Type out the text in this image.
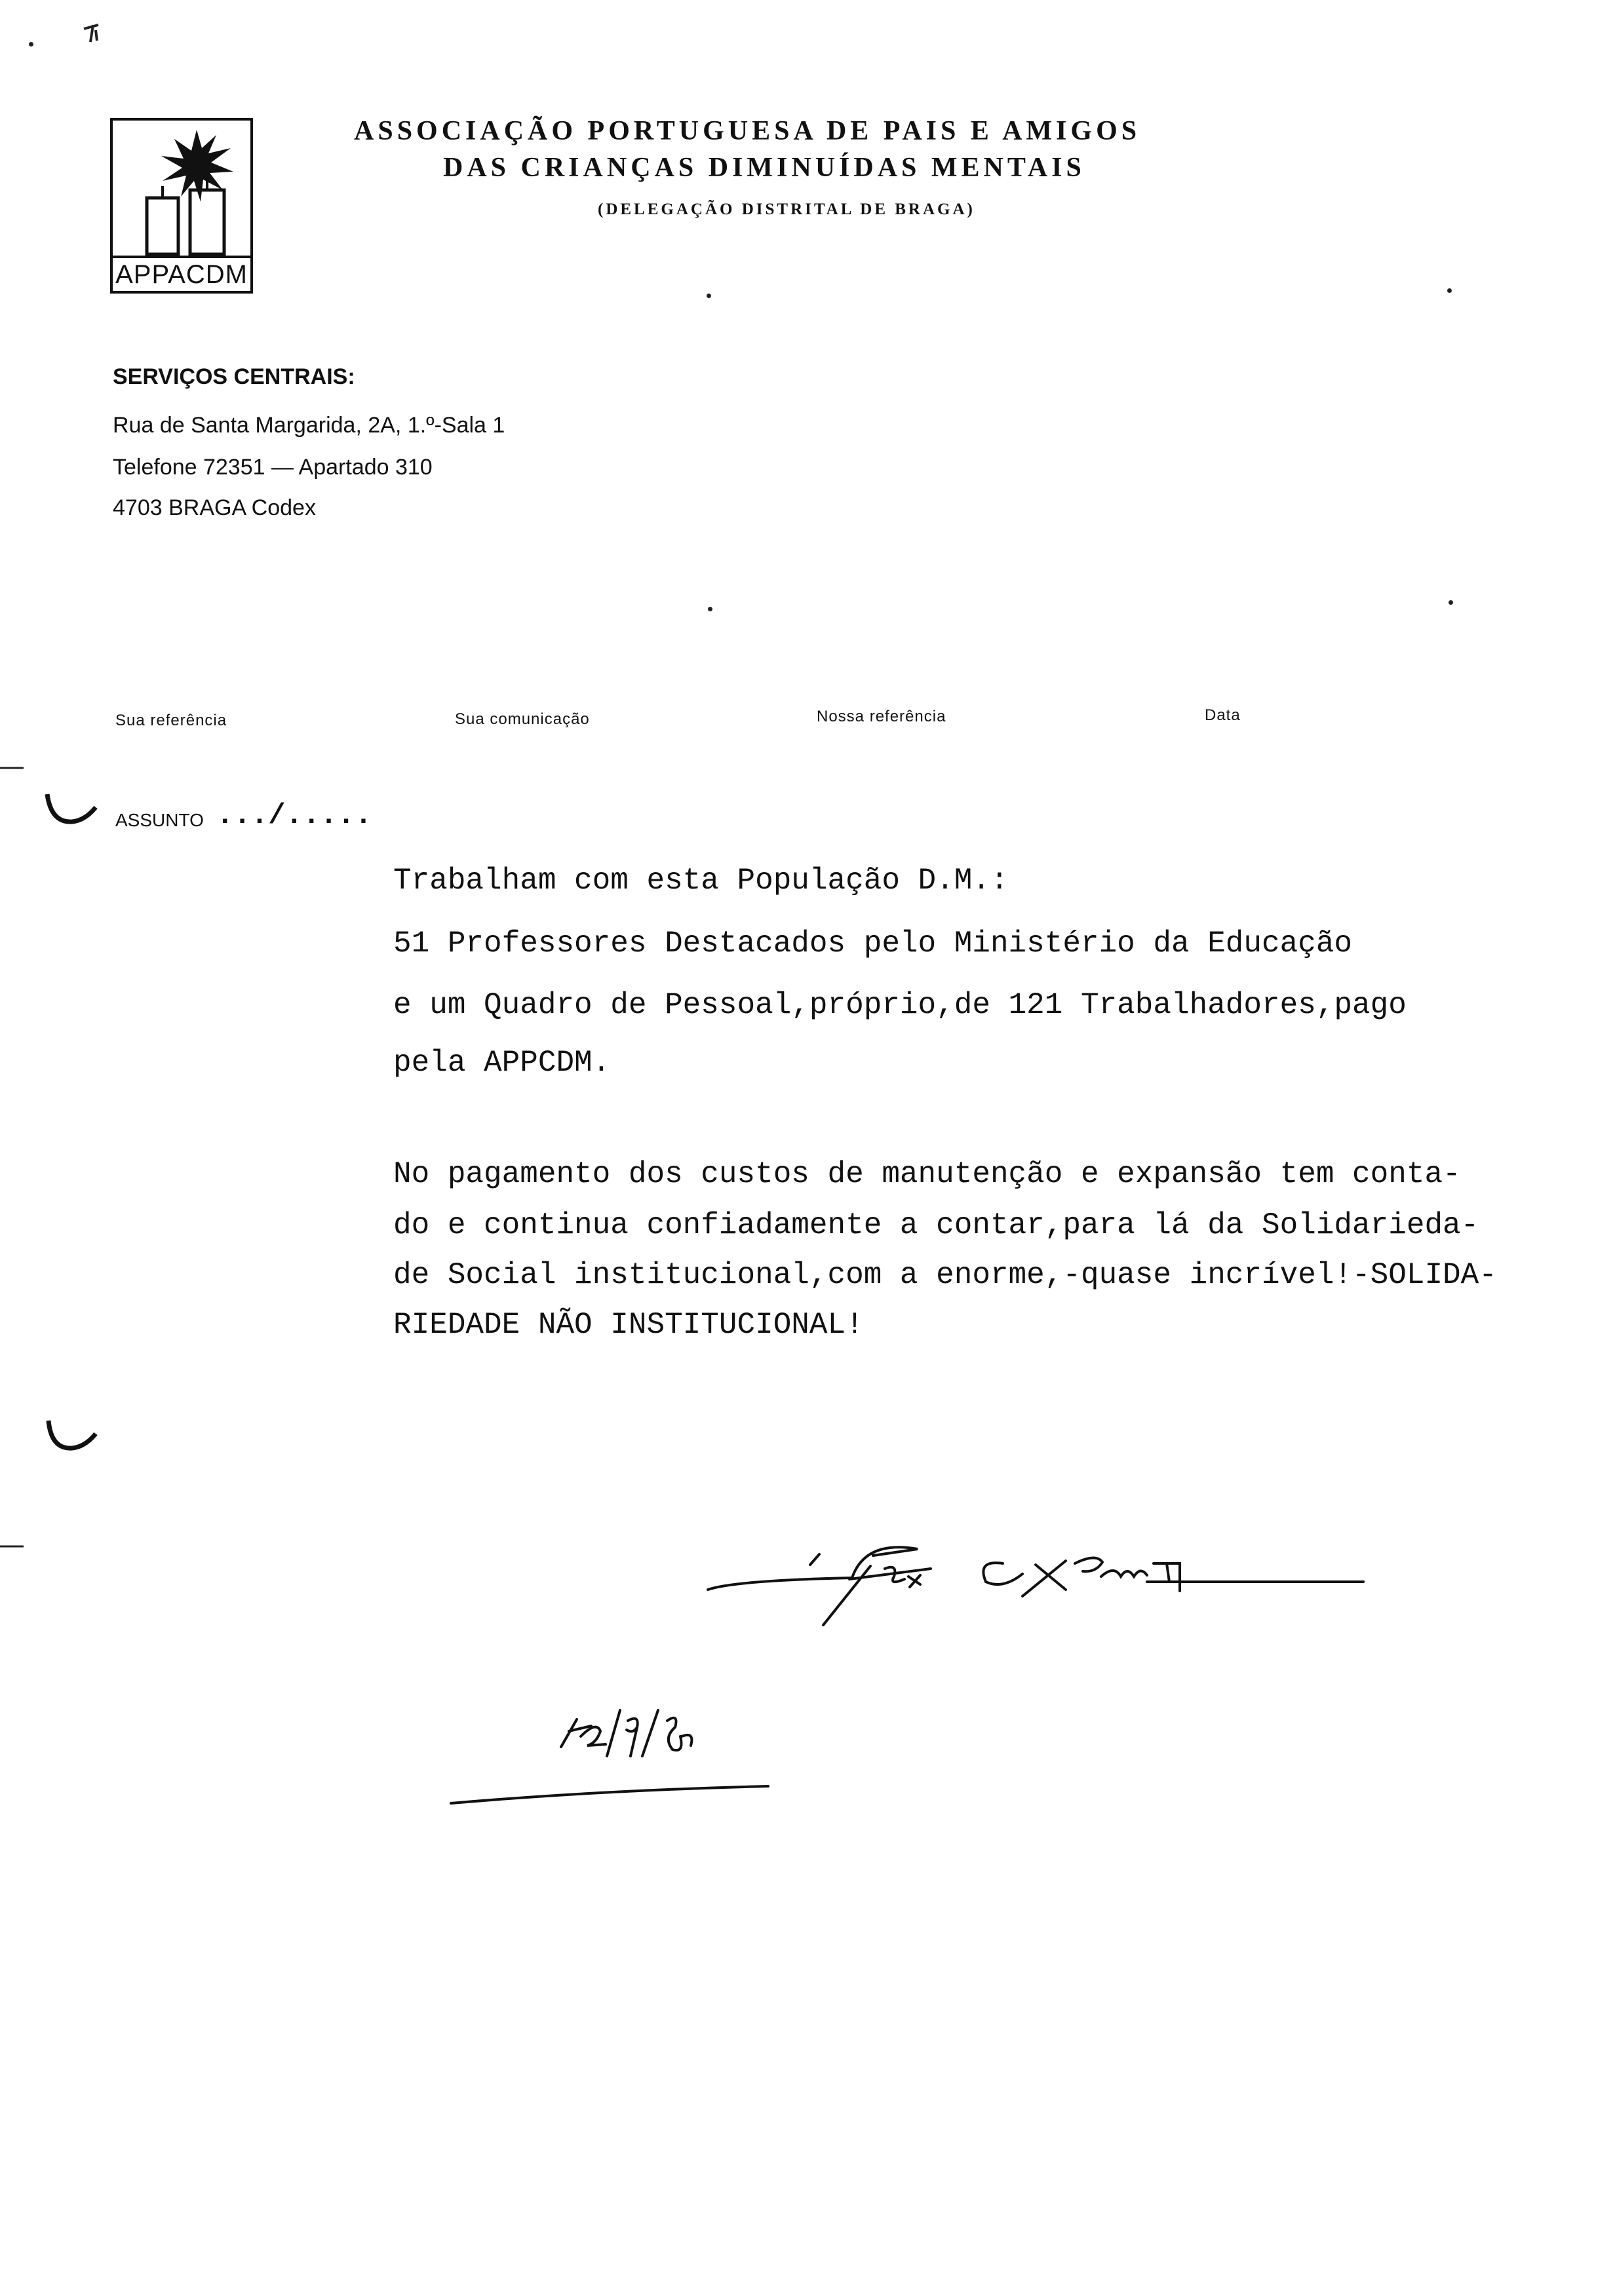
APPACDM
ASSOCIAÇÃO PORTUGUESA DE PAIS E AMIGOS
DAS CRIANÇAS DIMINUÍDAS MENTAIS
(DELEGAÇÃO DISTRITAL DE BRAGA)
SERVIÇOS CENTRAIS:
Rua de Santa Margarida, 2A, 1.º-Sala 1
Telefone 72351 — Apartado 310
4703 BRAGA Codex
Sua referência	Sua comunicação	Nossa referência	Data
ASSUNTO .../.....
Trabalham com esta População D.M.:
51 Professores Destacados pelo Ministério da Educação
e um Quadro de Pessoal,próprio,de 121 Trabalhadores,pago
pela APPCDM.
No pagamento dos custos de manutenção e expansão tem conta-
do e continua confiadamente a contar,para lá da Solidarieda-
de Social institucional,com a enorme,-quase incrível!-SOLIDA-
RIEDADE NÃO INSTITUCIONAL!
